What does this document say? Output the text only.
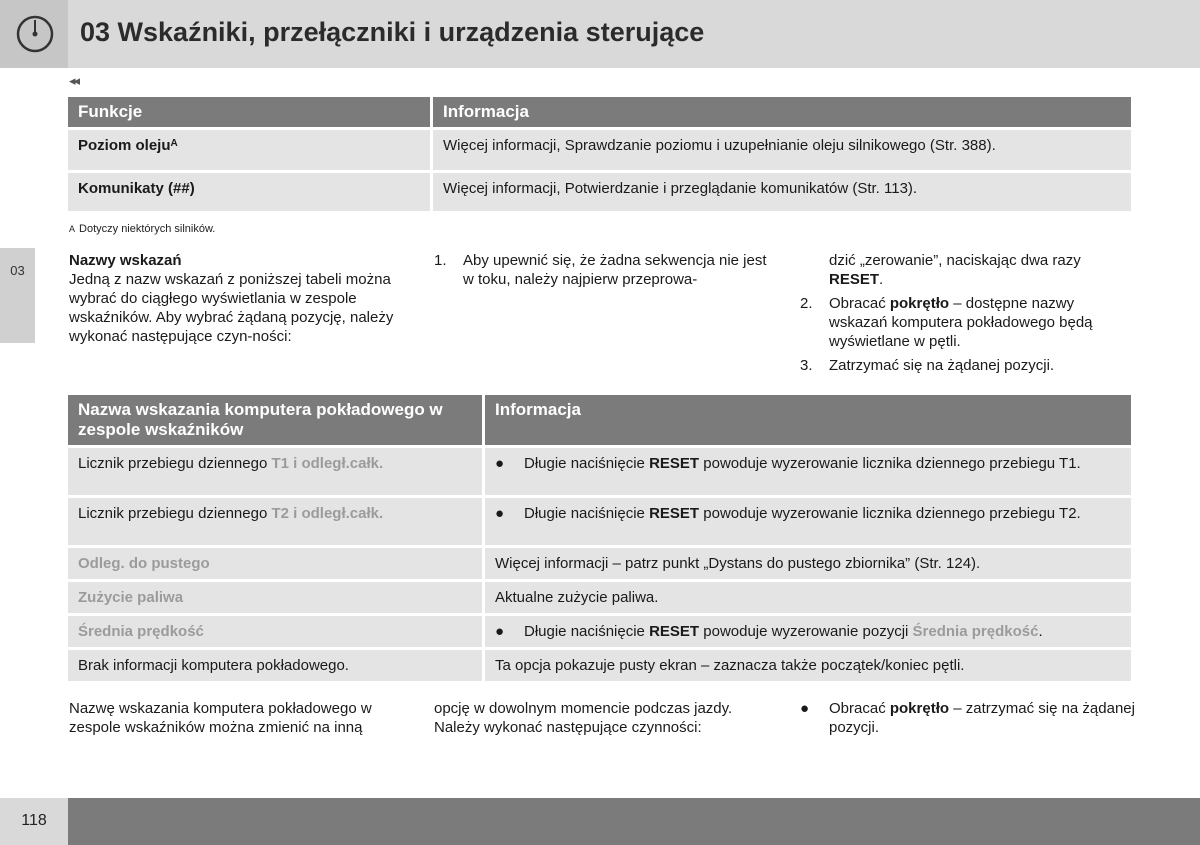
03 Wskaźniki, przełączniki i urządzenia sterujące
◂◂
03
Funkcje	Informacja
Poziom oleju$^A$	Więcej informacji, Sprawdzanie poziomu i uzupełnianie oleju silnikowego (Str. 388).
Komunikaty (##)	Więcej informacji, Potwierdzanie i przeglądanie komunikatów (Str. 113).
A Dotyczy niektórych silników.
Nazwy wskazań

Jedną z nazw wskazań z poniższej tabeli można wybrać do ciągłego wyświetlania w zespole wskaźników. Aby wybrać żądaną pozycję, należy wykonać następujące czyn-ności:

1. Aby upewnić się, że żadna sekwencja nie jest w toku, należy najpierw przeprowa-

dzić „zerowanie”, naciskając dwa razy RESET.

2. Obracać pokrętło – dostępne nazwy wskazań komputera pokładowego będą wyświetlane w pętli.
3. Zatrzymać się na żądanej pozycji.
Nazwa wskazania komputera pokładowego w zespole wskaźników	Informacja
Licznik przebiegu dziennego T1 i odległ.całk.	● Długie naciśnięcie RESET powoduje wyzerowanie licznika dziennego przebiegu T1.

Licznik przebiegu dziennego T2 i odległ.całk.	● Długie naciśnięcie RESET powoduje wyzerowanie licznika dziennego przebiegu T2.

Odleg. do pustego	Więcej informacji – patrz punkt „Dystans do pustego zbiornika” (Str. 124).
Zużycie paliwa	Aktualne zużycie paliwa.
Średnia prędkość	● Długie naciśnięcie RESET powoduje wyzerowanie pozycji Średnia prędkość.

Brak informacji komputera pokładowego.	Ta opcja pokazuje pusty ekran – zaznacza także początek/koniec pętli.
Nazwę wskazania komputera pokładowego w zespole wskaźników można zmienić na inną
opcję w dowolnym momencie podczas jazdy. Należy wykonać następujące czynności:
● Obracać pokrętło – zatrzymać się na żądanej pozycji.
118
